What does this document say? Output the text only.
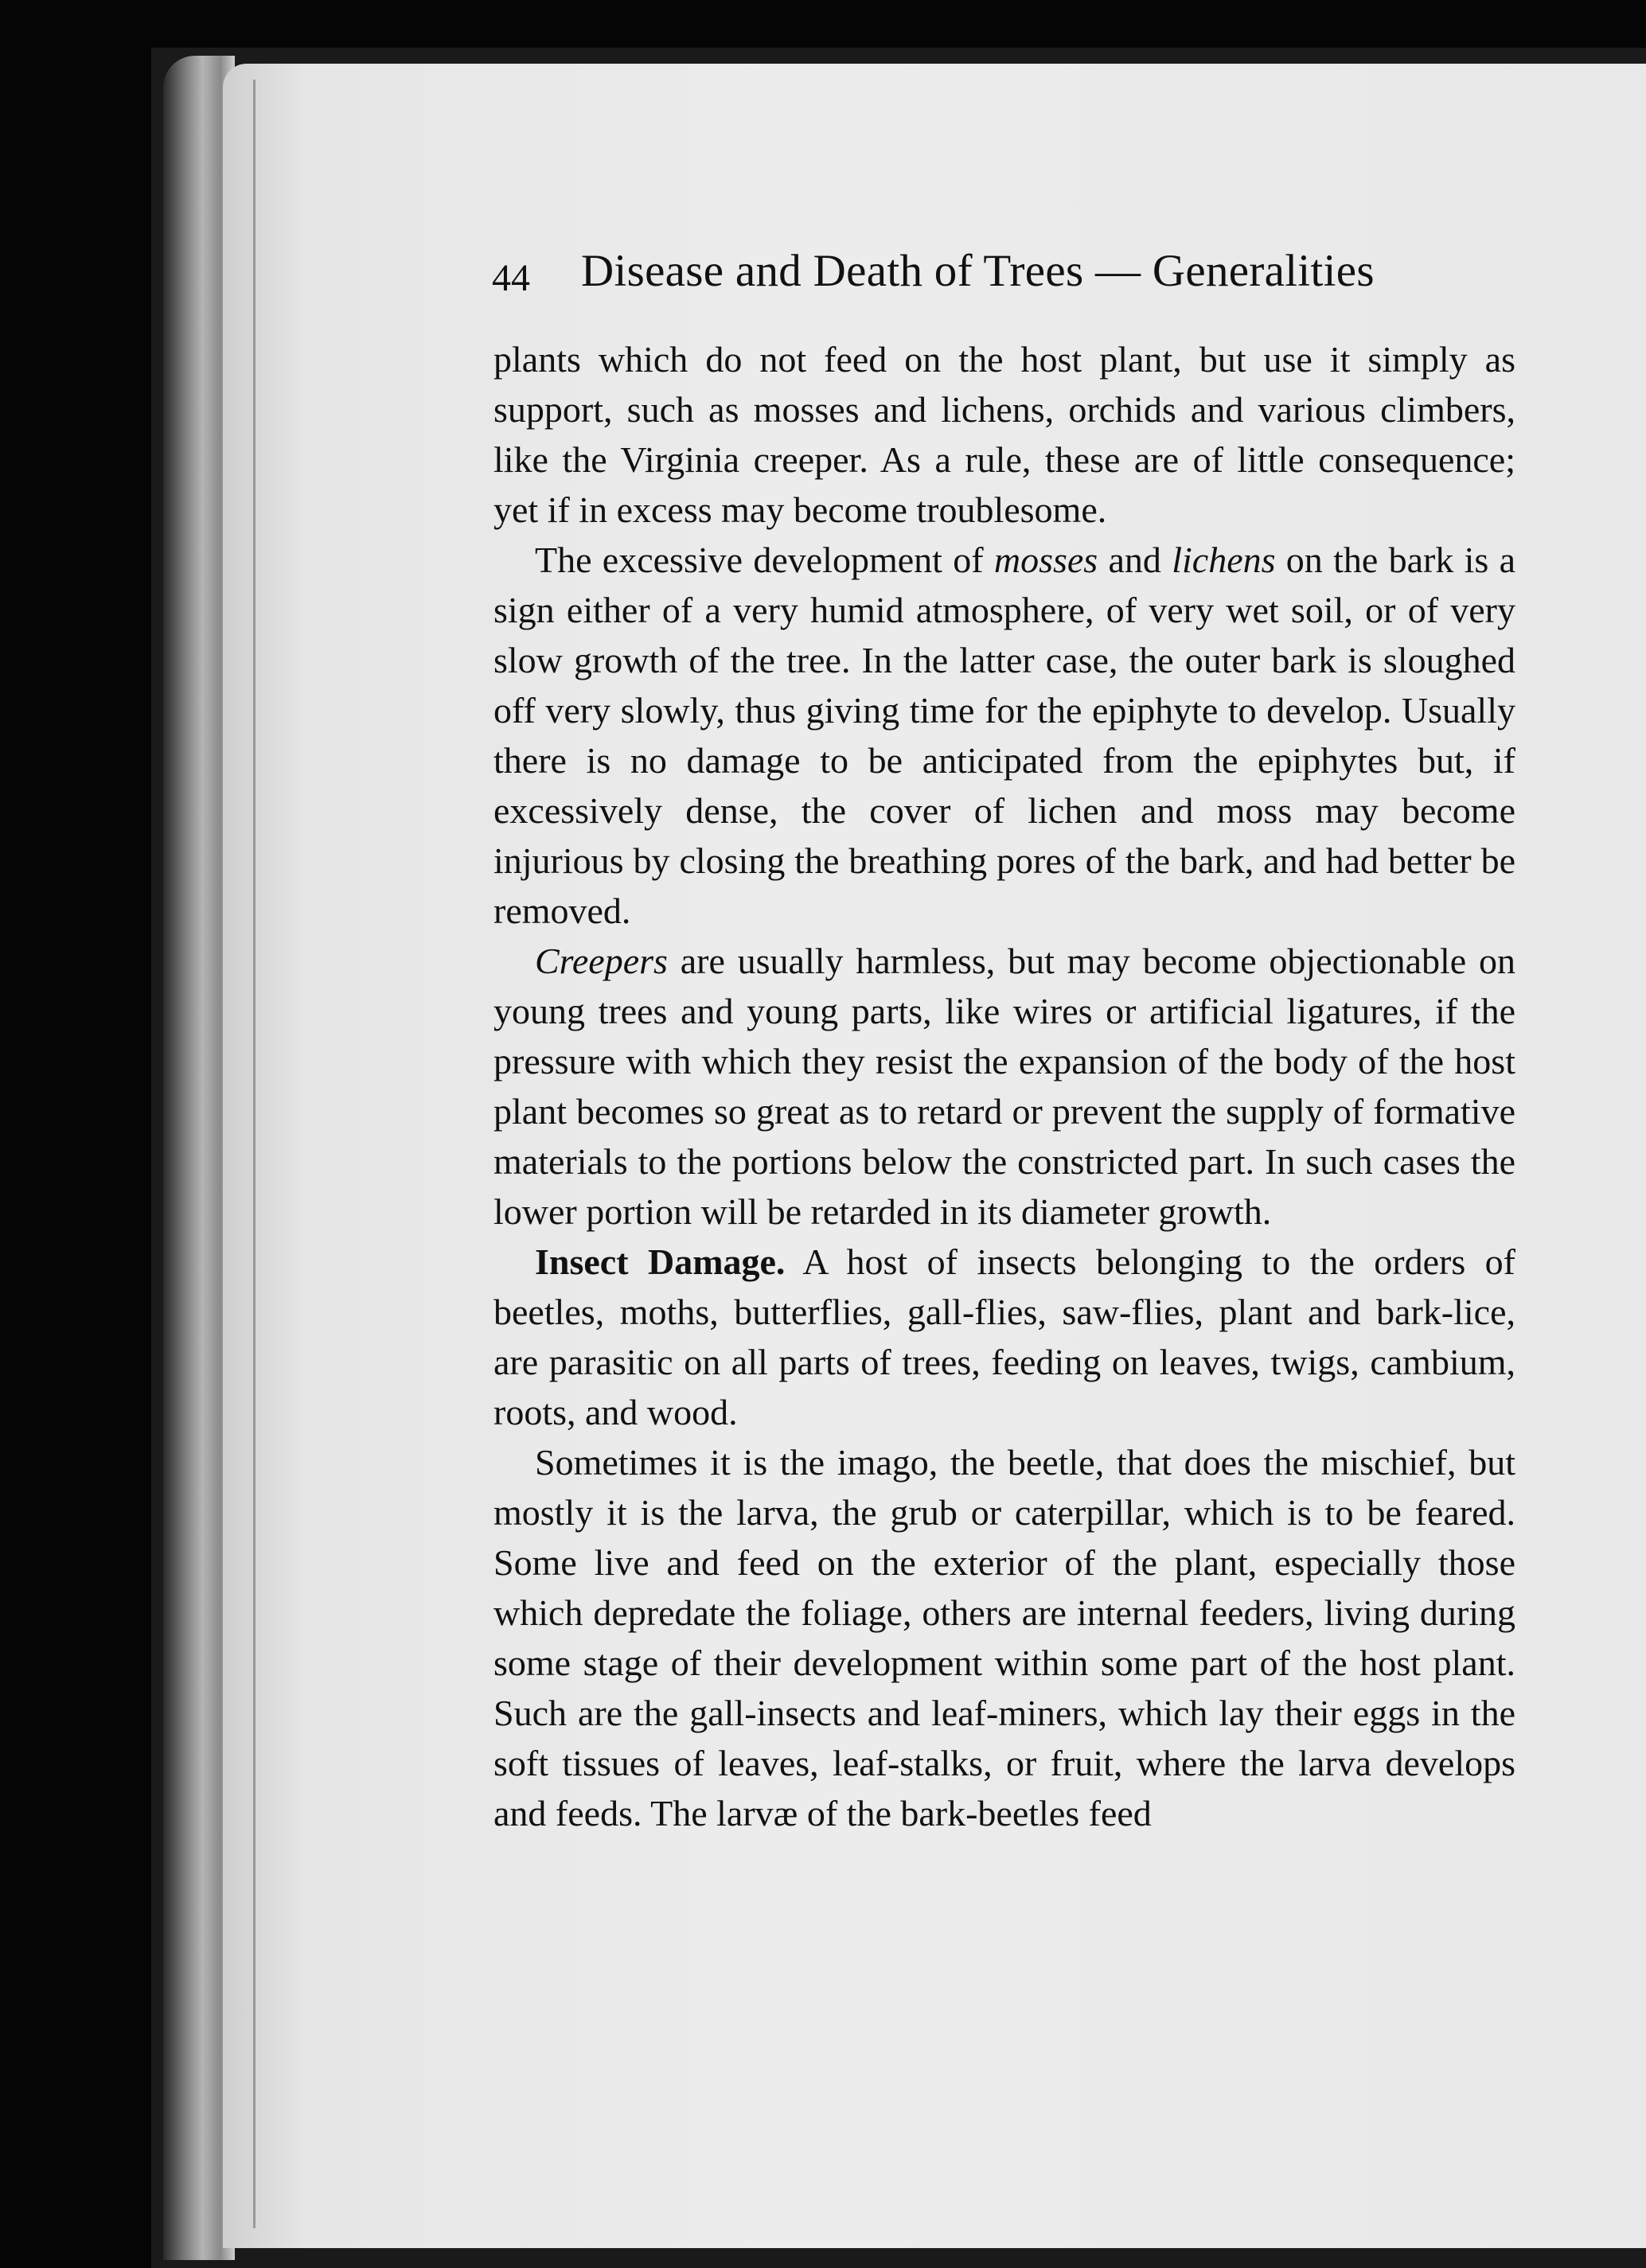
44 Disease and Death of Trees — Generalities

plants which do not feed on the host plant, but use it simply as support, such as mosses and lichens, orchids and various climbers, like the Virginia creeper. As a rule, these are of little consequence; yet if in excess may become troublesome.

The excessive development of mosses and lichens on the bark is a sign either of a very humid atmosphere, of very wet soil, or of very slow growth of the tree. In the latter case, the outer bark is sloughed off very slowly, thus giving time for the epiphyte to develop. Usually there is no damage to be anticipated from the epiphytes but, if excessively dense, the cover of lichen and moss may become injurious by closing the breathing pores of the bark, and had better be removed.

Creepers are usually harmless, but may become objectionable on young trees and young parts, like wires or artificial ligatures, if the pressure with which they resist the expansion of the body of the host plant becomes so great as to retard or prevent the supply of formative materials to the portions below the constricted part. In such cases the lower portion will be retarded in its diameter growth.

Insect Damage. A host of insects belonging to the orders of beetles, moths, butterflies, gall-flies, saw-flies, plant and bark-lice, are parasitic on all parts of trees, feeding on leaves, twigs, cambium, roots, and wood.

Sometimes it is the imago, the beetle, that does the mischief, but mostly it is the larva, the grub or caterpillar, which is to be feared. Some live and feed on the exterior of the plant, especially those which depredate the foliage, others are internal feeders, living during some stage of their development within some part of the host plant. Such are the gall-insects and leaf-miners, which lay their eggs in the soft tissues of leaves, leaf-stalks, or fruit, where the larva develops and feeds. The larvæ of the bark-beetles feed
